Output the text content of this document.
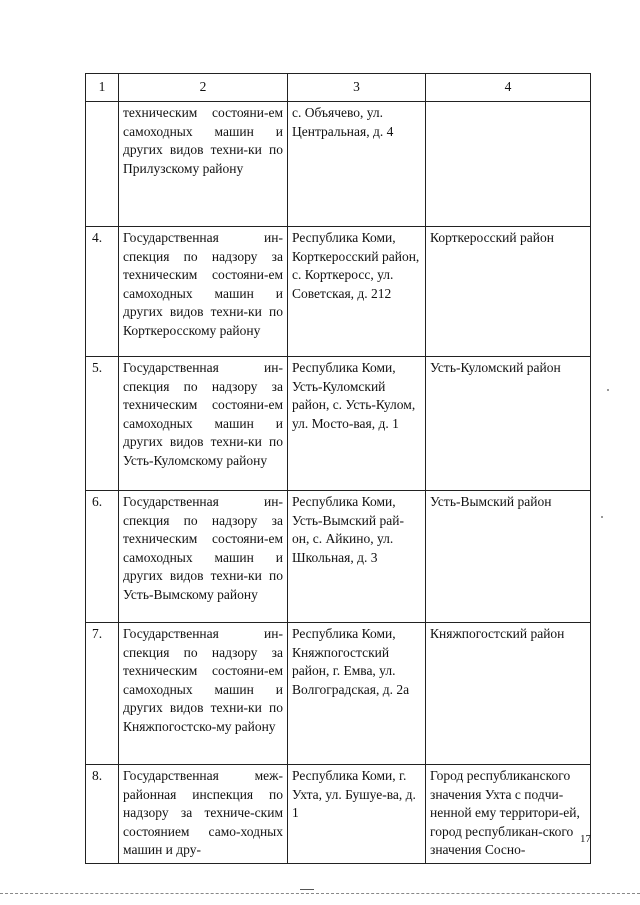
1	2	3	4
	техническим состояни-ем самоходных машин и других видов техни-ки по Прилузскому району	с. Объячево, ул. Центральная, д. 4	
4.	Государственная ин-спекция по надзору за техническим состояни-ем самоходных машин и других видов техни-ки по Корткеросскому району	Республика Коми, Корткеросский район, с. Корткеросс, ул. Советская, д. 212	Корткеросский район
5.	Государственная ин-спекция по надзору за техническим состояни-ем самоходных машин и других видов техни-ки по Усть-Куломскому району	Республика Коми, Усть-Куломский район, с. Усть-Кулом, ул. Мосто-вая, д. 1	Усть-Куломский район
6.	Государственная ин-спекция по надзору за техническим состояни-ем самоходных машин и других видов техни-ки по Усть-Вымскому району	Республика Коми, Усть-Вымский рай-он, с. Айкино, ул. Школьная, д. 3	Усть-Вымский район
7.	Государственная ин-спекция по надзору за техническим состояни-ем самоходных машин и других видов техни-ки по Княжпогостско-му району	Республика Коми, Княжпогостский район, г. Емва, ул. Волгоградская, д. 2а	Княжпогостский район
8.	Государственная меж-районная инспекция по надзору за техниче-ским состоянием само-ходных машин и дру-	Республика Коми, г. Ухта, ул. Бушуе-ва, д. 1	Город республиканского значения Ухта с подчи-ненной ему территори-ей, город республикан-ского значения Сосно-
17
